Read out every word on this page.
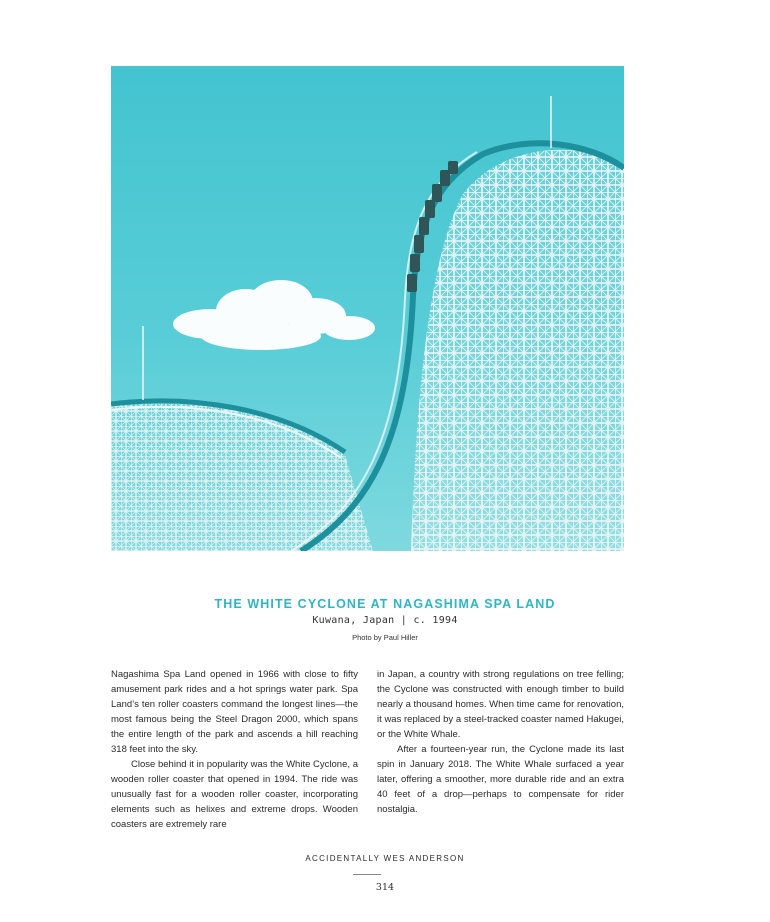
THE WHITE CYCLONE AT NAGASHIMA SPA LAND
Kuwana, Japan | c. 1994
Photo by Paul Hiller

Nagashima Spa Land opened in 1966 with close to fifty amusement park rides and a hot springs water park. Spa Land’s ten roller coasters command the longest lines—the most famous being the Steel Dragon 2000, which spans the entire length of the park and ascends a hill reaching 318 feet into the sky.

Close behind it in popularity was the White Cyclone, a wooden roller coaster that opened in 1994. The ride was unusually fast for a wooden roller coaster, incorporating elements such as helixes and extreme drops. Wooden coasters are extremely rare

in Japan, a country with strong regulations on tree felling; the Cyclone was constructed with enough timber to build nearly a thousand homes. When time came for renovation, it was replaced by a steel-tracked coaster named Hakugei, or the White Whale.

After a fourteen-year run, the Cyclone made its last spin in January 2018. The White Whale surfaced a year later, offering a smoother, more durable ride and an extra 40 feet of a drop—perhaps to compensate for rider nostalgia.

ACCIDENTALLY WES ANDERSON
314
